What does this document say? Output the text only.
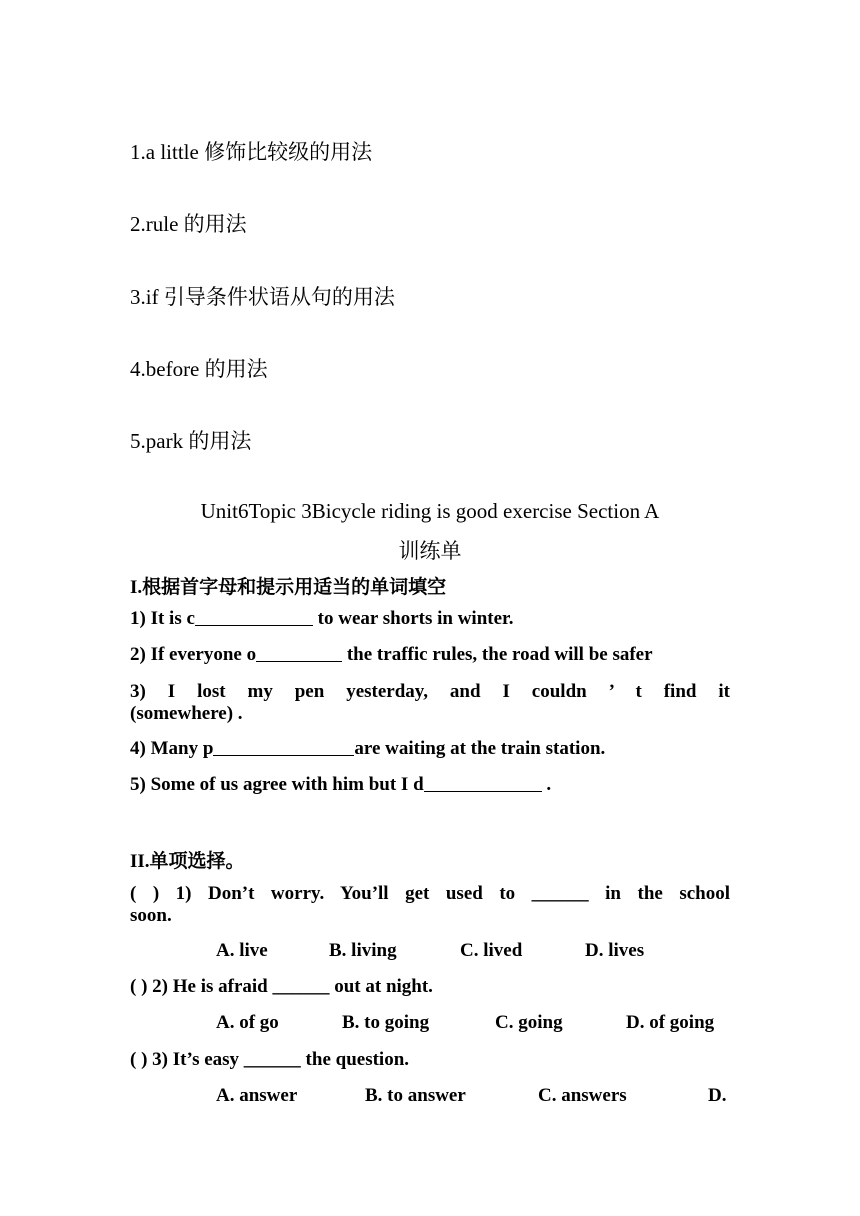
1.a little 修饰比较级的用法
2.rule 的用法
3.if 引导条件状语从句的用法
4.before 的用法
5.park 的用法
Unit6Topic 3Bicycle riding is good exercise Section A
训练单
I.根据首字母和提示用适当的单词填空
1) It is c	to wear shorts in winter.
2) If everyone o	the traffic rules, the road will be safer
3) I lost my pen yesterday, and I couldn ’ t find it
(somewhere) .
4) Many p	are waiting at the train station.
5) Some of us agree with him but I d	.
II.单项选择。
( ) 1) Don’t worry. You’ll get used to ______ in the school
soon.
A. live	B. living	C. lived	D. lives
( ) 2) He is afraid ______ out at night.
A. of go	B. to going	C. going	D. of going
( ) 3) It’s easy ______ the question.
A. answer	B. to answer	C. answers	D.
